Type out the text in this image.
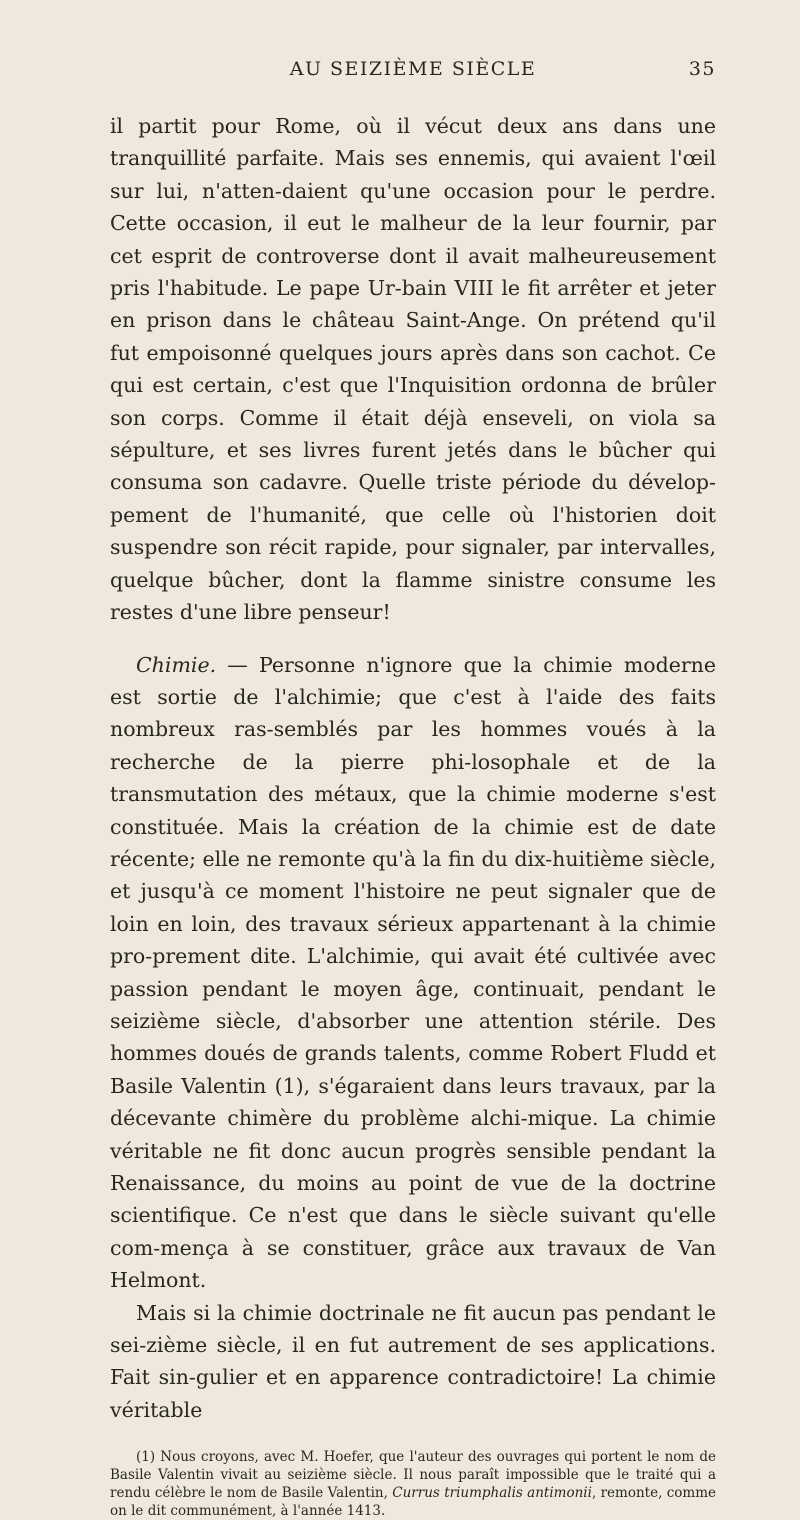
AU SEIZIÈME SIÈCLE	35

il partit pour Rome, où il vécut deux ans dans une tranquillité parfaite. Mais ses ennemis, qui avaient l'œil sur lui, n'atten-daient qu'une occasion pour le perdre. Cette occasion, il eut le malheur de la leur fournir, par cet esprit de controverse dont il avait malheureusement pris l'habitude. Le pape Ur-bain VIII le fit arrêter et jeter en prison dans le château Saint-Ange. On prétend qu'il fut empoisonné quelques jours après dans son cachot. Ce qui est certain, c'est que l'Inquisition ordonna de brûler son corps. Comme il était déjà enseveli, on viola sa sépulture, et ses livres furent jetés dans le bûcher qui consuma son cadavre. Quelle triste période du dévelop-pement de l'humanité, que celle où l'historien doit suspendre son récit rapide, pour signaler, par intervalles, quelque bûcher, dont la flamme sinistre consume les restes d'une libre penseur!

Chimie. — Personne n'ignore que la chimie moderne est sortie de l'alchimie; que c'est à l'aide des faits nombreux ras-semblés par les hommes voués à la recherche de la pierre phi-losophale et de la transmutation des métaux, que la chimie moderne s'est constituée. Mais la création de la chimie est de date récente; elle ne remonte qu'à la fin du dix-huitième siècle, et jusqu'à ce moment l'histoire ne peut signaler que de loin en loin, des travaux sérieux appartenant à la chimie pro-prement dite. L'alchimie, qui avait été cultivée avec passion pendant le moyen âge, continuait, pendant le seizième siècle, d'absorber une attention stérile. Des hommes doués de grands talents, comme Robert Fludd et Basile Valentin (1), s'égaraient dans leurs travaux, par la décevante chimère du problème alchi-mique. La chimie véritable ne fit donc aucun progrès sensible pendant la Renaissance, du moins au point de vue de la doctrine scientifique. Ce n'est que dans le siècle suivant qu'elle com-mença à se constituer, grâce aux travaux de Van Helmont.

Mais si la chimie doctrinale ne fit aucun pas pendant le sei-zième siècle, il en fut autrement de ses applications. Fait sin-gulier et en apparence contradictoire! La chimie véritable

(1) Nous croyons, avec M. Hoefer, que l'auteur des ouvrages qui portent le nom de Basile Valentin vivait au seizième siècle. Il nous paraît impossible que le traité qui a rendu célèbre le nom de Basile Valentin, Currus triumphalis antimonii, remonte, comme on le dit communément, à l'année 1413.
